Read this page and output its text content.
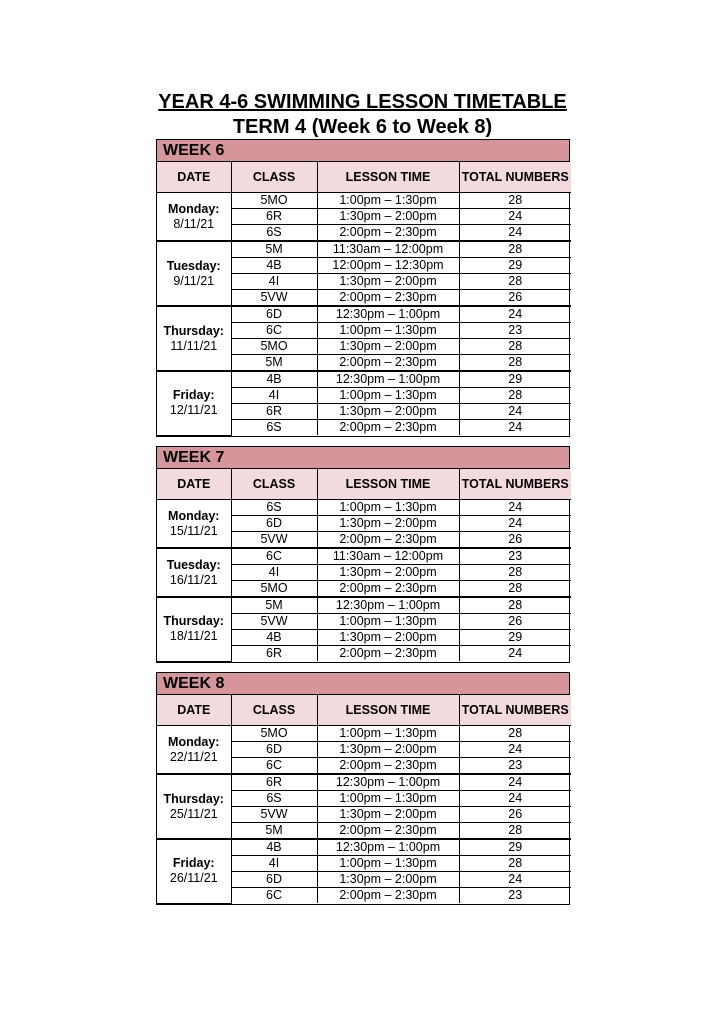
YEAR 4-6 SWIMMING LESSON TIMETABLE
TERM 4 (Week 6 to Week 8)
WEEK 6
DATE	CLASS	LESSON TIME	TOTAL NUMBERS

Monday:
8/11/21	5MO	1:00pm – 1:30pm	28
	6R	1:30pm – 2:00pm	24
	6S	2:00pm – 2:30pm	24

Tuesday:
9/11/21	5M	11:30am – 12:00pm	28
	4B	12:00pm – 12:30pm	29
	4I	1:30pm – 2:00pm	28
	5VW	2:00pm – 2:30pm	26

Thursday:
11/11/21	6D	12:30pm – 1:00pm	24
	6C	1:00pm – 1:30pm	23
	5MO	1:30pm – 2:00pm	28
	5M	2:00pm – 2:30pm	28

Friday:
12/11/21	4B	12:30pm – 1:00pm	29
	4I	1:00pm – 1:30pm	28
	6R	1:30pm – 2:00pm	24
	6S	2:00pm – 2:30pm	24
WEEK 7
DATE	CLASS	LESSON TIME	TOTAL NUMBERS

Monday:
15/11/21	6S	1:00pm – 1:30pm	24
	6D	1:30pm – 2:00pm	24
	5VW	2:00pm – 2:30pm	26

Tuesday:
16/11/21	6C	11:30am – 12:00pm	23
	4I	1:30pm – 2:00pm	28
	5MO	2:00pm – 2:30pm	28

Thursday:
18/11/21	5M	12:30pm – 1:00pm	28
	5VW	1:00pm – 1:30pm	26
	4B	1:30pm – 2:00pm	29
	6R	2:00pm – 2:30pm	24
WEEK 8
DATE	CLASS	LESSON TIME	TOTAL NUMBERS

Monday:
22/11/21	5MO	1:00pm – 1:30pm	28
	6D	1:30pm – 2:00pm	24
	6C	2:00pm – 2:30pm	23

Thursday:
25/11/21	6R	12:30pm – 1:00pm	24
	6S	1:00pm – 1:30pm	24
	5VW	1:30pm – 2:00pm	26
	5M	2:00pm – 2:30pm	28

Friday:
26/11/21	4B	12:30pm – 1:00pm	29
	4I	1:00pm – 1:30pm	28
	6D	1:30pm – 2:00pm	24
	6C	2:00pm – 2:30pm	23
